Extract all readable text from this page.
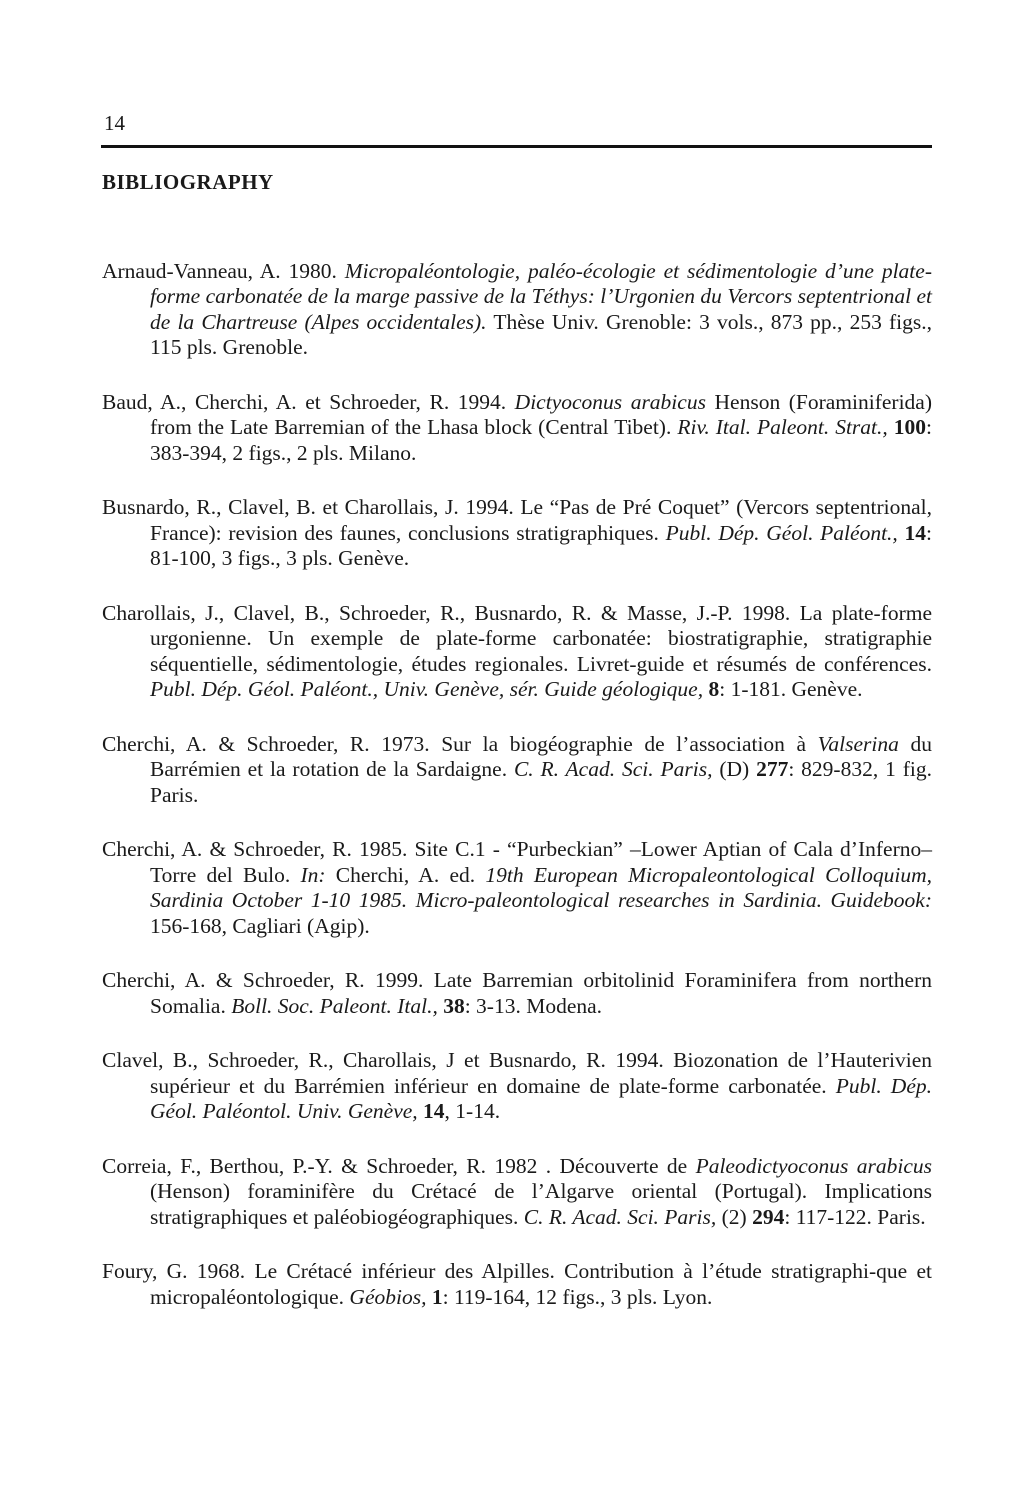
14
BIBLIOGRAPHY

Arnaud-Vanneau, A. 1980. Micropaléontologie, paléo-écologie et sédimentologie d’une plate-forme carbonatée de la marge passive de la Téthys: l’Urgonien du Vercors septentrional et de la Chartreuse (Alpes occidentales). Thèse Univ. Grenoble: 3 vols., 873 pp., 253 figs., 115 pls. Grenoble.

Baud, A., Cherchi, A. et Schroeder, R. 1994. Dictyoconus arabicus Henson (Foraminiferida) from the Late Barremian of the Lhasa block (Central Tibet). Riv. Ital. Paleont. Strat., 100: 383-394, 2 figs., 2 pls. Milano.

Busnardo, R., Clavel, B. et Charollais, J. 1994. Le “Pas de Pré Coquet” (Vercors septentrional, France): revision des faunes, conclusions stratigraphiques. Publ. Dép. Géol. Paléont., 14: 81-100, 3 figs., 3 pls. Genève.

Charollais, J., Clavel, B., Schroeder, R., Busnardo, R. & Masse, J.-P. 1998. La plate-forme urgonienne. Un exemple de plate-forme carbonatée: biostratigraphie, stratigraphie séquentielle, sédimentologie, études regionales. Livret-guide et résumés de conférences. Publ. Dép. Géol. Paléont., Univ. Genève, sér. Guide géologique, 8: 1-181. Genève.

Cherchi, A. & Schroeder, R. 1973. Sur la biogéographie de l’association à Valserina du Barrémien et la rotation de la Sardaigne. C. R. Acad. Sci. Paris, (D) 277: 829-832, 1 fig. Paris.

Cherchi, A. & Schroeder, R. 1985. Site C.1 - “Purbeckian” –Lower Aptian of Cala d’Inferno– Torre del Bulo. In: Cherchi, A. ed. 19th European Micropaleontological Colloquium, Sardinia October 1-10 1985. Micro-paleontological researches in Sardinia. Guidebook: 156-168, Cagliari (Agip).

Cherchi, A. & Schroeder, R. 1999. Late Barremian orbitolinid Foraminifera from northern Somalia. Boll. Soc. Paleont. Ital., 38: 3-13. Modena.

Clavel, B., Schroeder, R., Charollais, J et Busnardo, R. 1994. Biozonation de l’Hauterivien supérieur et du Barrémien inférieur en domaine de plate-forme carbonatée. Publ. Dép. Géol. Paléontol. Univ. Genève, 14, 1-14.

Correia, F., Berthou, P.-Y. & Schroeder, R. 1982 . Découverte de Paleodictyoconus arabicus (Henson) foraminifère du Crétacé de l’Algarve oriental (Portugal). Implications stratigraphiques et paléobiogéographiques. C. R. Acad. Sci. Paris, (2) 294: 117-122. Paris.

Foury, G. 1968. Le Crétacé inférieur des Alpilles. Contribution à l’étude stratigraphi-que et micropaléontologique. Géobios, 1: 119-164, 12 figs., 3 pls. Lyon.
